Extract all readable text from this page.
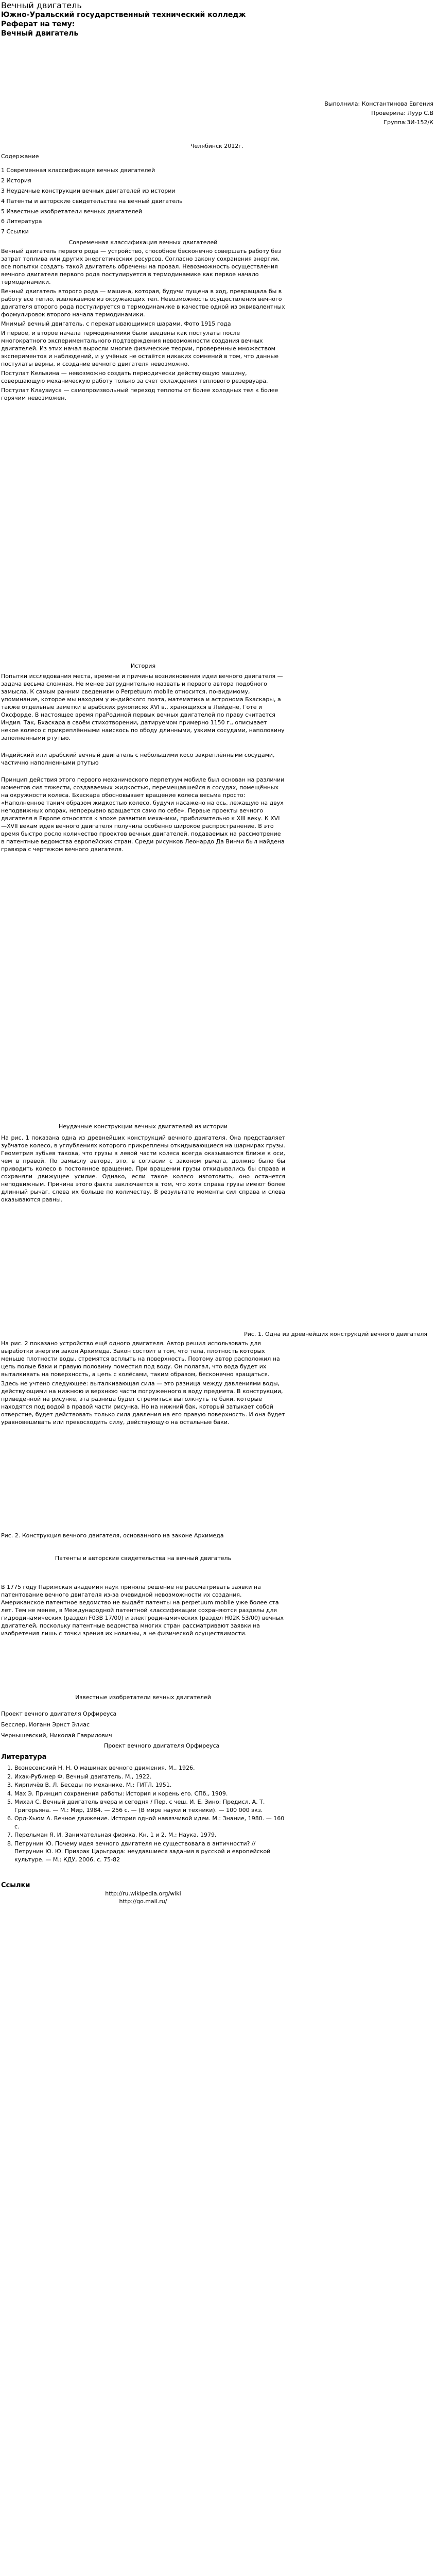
Вечный двигатель
Южно-Уральский государственный технический колледж
Реферат на тему:
Вечный двигатель
Выполнила: Константинова Евгения
Проверила: Луур С.В
Группа:3И-152/К
Челябинск 2012г.
Содержание
1 Современная классификация вечных двигателей
2 История
3 Неудачные конструкции вечных двигателей из истории
4 Патенты и авторские свидетельства на вечный двигатель
5 Известные изобретатели вечных двигателей
6 Литература
7 Ссылки
Современная классификация вечных двигателей

Вечный двигатель первого рода — устройство, способное бесконечно совершать работу без затрат топлива или других энергетических ресурсов. Согласно закону сохранения энергии, все попытки создать такой двигатель обречены на провал. Невозможность осуществления вечного двигателя первого рода постулируется в термодинамике как первое начало термодинамики.

Вечный двигатель второго рода — машина, которая, будучи пущена в ход, превращала бы в работу всё тепло, извлекаемое из окружающих тел. Невозможность осуществления вечного двигателя второго рода постулируется в термодинамике в качестве одной из эквивалентных формулировок второго начала термодинамики.

Мнимый вечный двигатель, с перекатывающимися шарами. Фото 1915 года

И первое, и второе начала термодинамики были введены как постулаты после многократного экспериментального подтверждения невозможности создания вечных двигателей. Из этих начал выросли многие физические теории, проверенные множеством экспериментов и наблюдений, и у учёных не остаётся никаких сомнений в том, что данные постулаты верны, и создание вечного двигателя невозможно.

Постулат Кельвина — невозможно создать периодически действующую машину, совершающую механическую работу только за счет охлаждения теплового резервуара.

Постулат Клаузиуса — самопроизвольный переход теплоты от более холодных тел к более горячим невозможен.

История

Попытки исследования места, времени и причины возникновения идеи вечного двигателя — задача весьма сложная. Не менее затруднительно назвать и первого автора подобного замысла. К самым ранним сведениям о Perpetuum mobile относится, по-видимому, упоминание, которое мы находим у индийского поэта, математика и астронома Бхаскары, а также отдельные заметки в арабских рукописях XVI в., хранящихся в Лейдене, Готе и Оксфорде. В настоящее время праРодиной первых вечных двигателей по праву считается Индия. Так, Бхаскара в своём стихотворении, датируемом примерно 1150 г., описывает некое колесо с прикреплёнными наискось по ободу длинными, узкими сосудами, наполовину заполненными ртутью.

Индийский или арабский вечный двигатель с небольшими косо закреплёнными сосудами, частично наполненными ртутью

Принцип действия этого первого механического перпетуум мобиле был основан на различии моментов сил тяжести, создаваемых жидкостью, перемещавшейся в сосудах, помещённых на окружности колеса. Бхаскара обосновывает вращение колеса весьма просто: «Наполненное таким образом жидкостью колесо, будучи насажено на ось, лежащую на двух неподвижных опорах, непрерывно вращается само по себе». Первые проекты вечного двигателя в Европе относятся к эпохе развития механики, приблизительно к XIII веку. К XVI—XVII векам идея вечного двигателя получила особенно широкое распространение. В это время быстро росло количество проектов вечных двигателей, подаваемых на рассмотрение в патентные ведомства европейских стран. Среди рисунков Леонардо Да Винчи был найдена гравюра с чертежом вечного двигателя.

Неудачные конструкции вечных двигателей из истории
На рис. 1 показана одна из древнейших конструкций вечного двигателя. Она представляет зубчатое колесо, в углублениях которого прикреплены откидывающиеся на шарнирах грузы. Геометрия зубьев такова, что грузы в левой части колеса всегда оказываются ближе к оси, чем в правой. По замыслу автора, это, в согласии с законом рычага, должно было бы приводить колесо в постоянное вращение. При вращении грузы откидывались бы справа и сохраняли движущее усилие. Однако, если такое колесо изготовить, оно останется неподвижным. Причина этого факта заключается в том, что хотя справа грузы имеют более длинный рычаг, слева их больше по количеству. В результате моменты сил справа и слева оказываются равны.
Рис. 1. Одна из древнейших конструкций вечного двигателя

На рис. 2 показано устройство ещё одного двигателя. Автор решил использовать для выработки энергии закон Архимеда. Закон состоит в том, что тела, плотность которых меньше плотности воды, стремятся всплыть на поверхность. Поэтому автор расположил на цепь полые баки и правую половину поместил под воду. Он полагал, что вода будет их выталкивать на поверхность, а цепь с колёсами, таким образом, бесконечно вращаться.

Здесь не учтено следующее: выталкивающая сила — это разница между давлениями воды, действующими на нижнюю и верхнюю части погруженного в воду предмета. В конструкции, приведённой на рисунке, эта разница будет стремиться вытолкнуть те баки, которые находятся под водой в правой части рисунка. Но на нижний бак, который затыкает собой отверстие, будет действовать только сила давления на его правую поверхность. И она будет уравновешивать или превосходить силу, действующую на остальные баки.

Рис. 2. Конструкция вечного двигателя, основанного на законе Архимеда
Патенты и авторские свидетельства на вечный двигатель
В 1775 году Парижская академия наук приняла решение не рассматривать заявки на патентование вечного двигателя из-за очевидной невозможности их создания. Американское патентное ведомство не выдаёт патенты на perpetuum mobile уже более ста лет. Тем не менее, в Международной патентной классификации сохраняются разделы для гидродинамических (раздел F03B 17/00) и электродинамических (раздел H02K 53/00) вечных двигателей, поскольку патентные ведомства многих стран рассматривают заявки на изобретения лишь с точки зрения их новизны, а не физической осуществимости.
Известные изобретатели вечных двигателей
Проект вечного двигателя Орфиреуса
Бесслер, Иоганн Эрнст Элиас
Чернышевский, Николай Гаврилович
Проект вечного двигателя Орфиреуса
Литература
1. Вознесенский Н. Н. О машинах вечного движения. М., 1926.
2. Ихак-Рубинер Ф. Вечный двигатель. М., 1922.
3. Кирпичёв В. Л. Беседы по механике. М.: ГИТЛ, 1951.
4. Мах Э. Принцип сохранения работы: История и корень его. СПб., 1909.
5. Михал С. Вечный двигатель вчера и сегодня / Пер. с чеш. И. Е. Зино; Предисл. А. Т. Григорьяна. — М.: Мир, 1984. — 256 с. — (В мире науки и техники). — 100 000 экз.
6. Орд-Хьюм А. Вечное движение. История одной навязчивой идеи. М.: Знание, 1980. — 160 с.
7. Перельман Я. И. Занимательная физика. Кн. 1 и 2. М.: Наука, 1979.
8. Петрунин Ю. Почему идея вечного двигателя не существовала в античности? // Петрунин Ю. Ю. Призрак Царьграда: неудавшиеся задания в русской и европейской культуре. — М.: КДУ, 2006. с. 75-82
Ссылки
http://ru.wikipedia.org/wiki
http://go.mail.ru/
